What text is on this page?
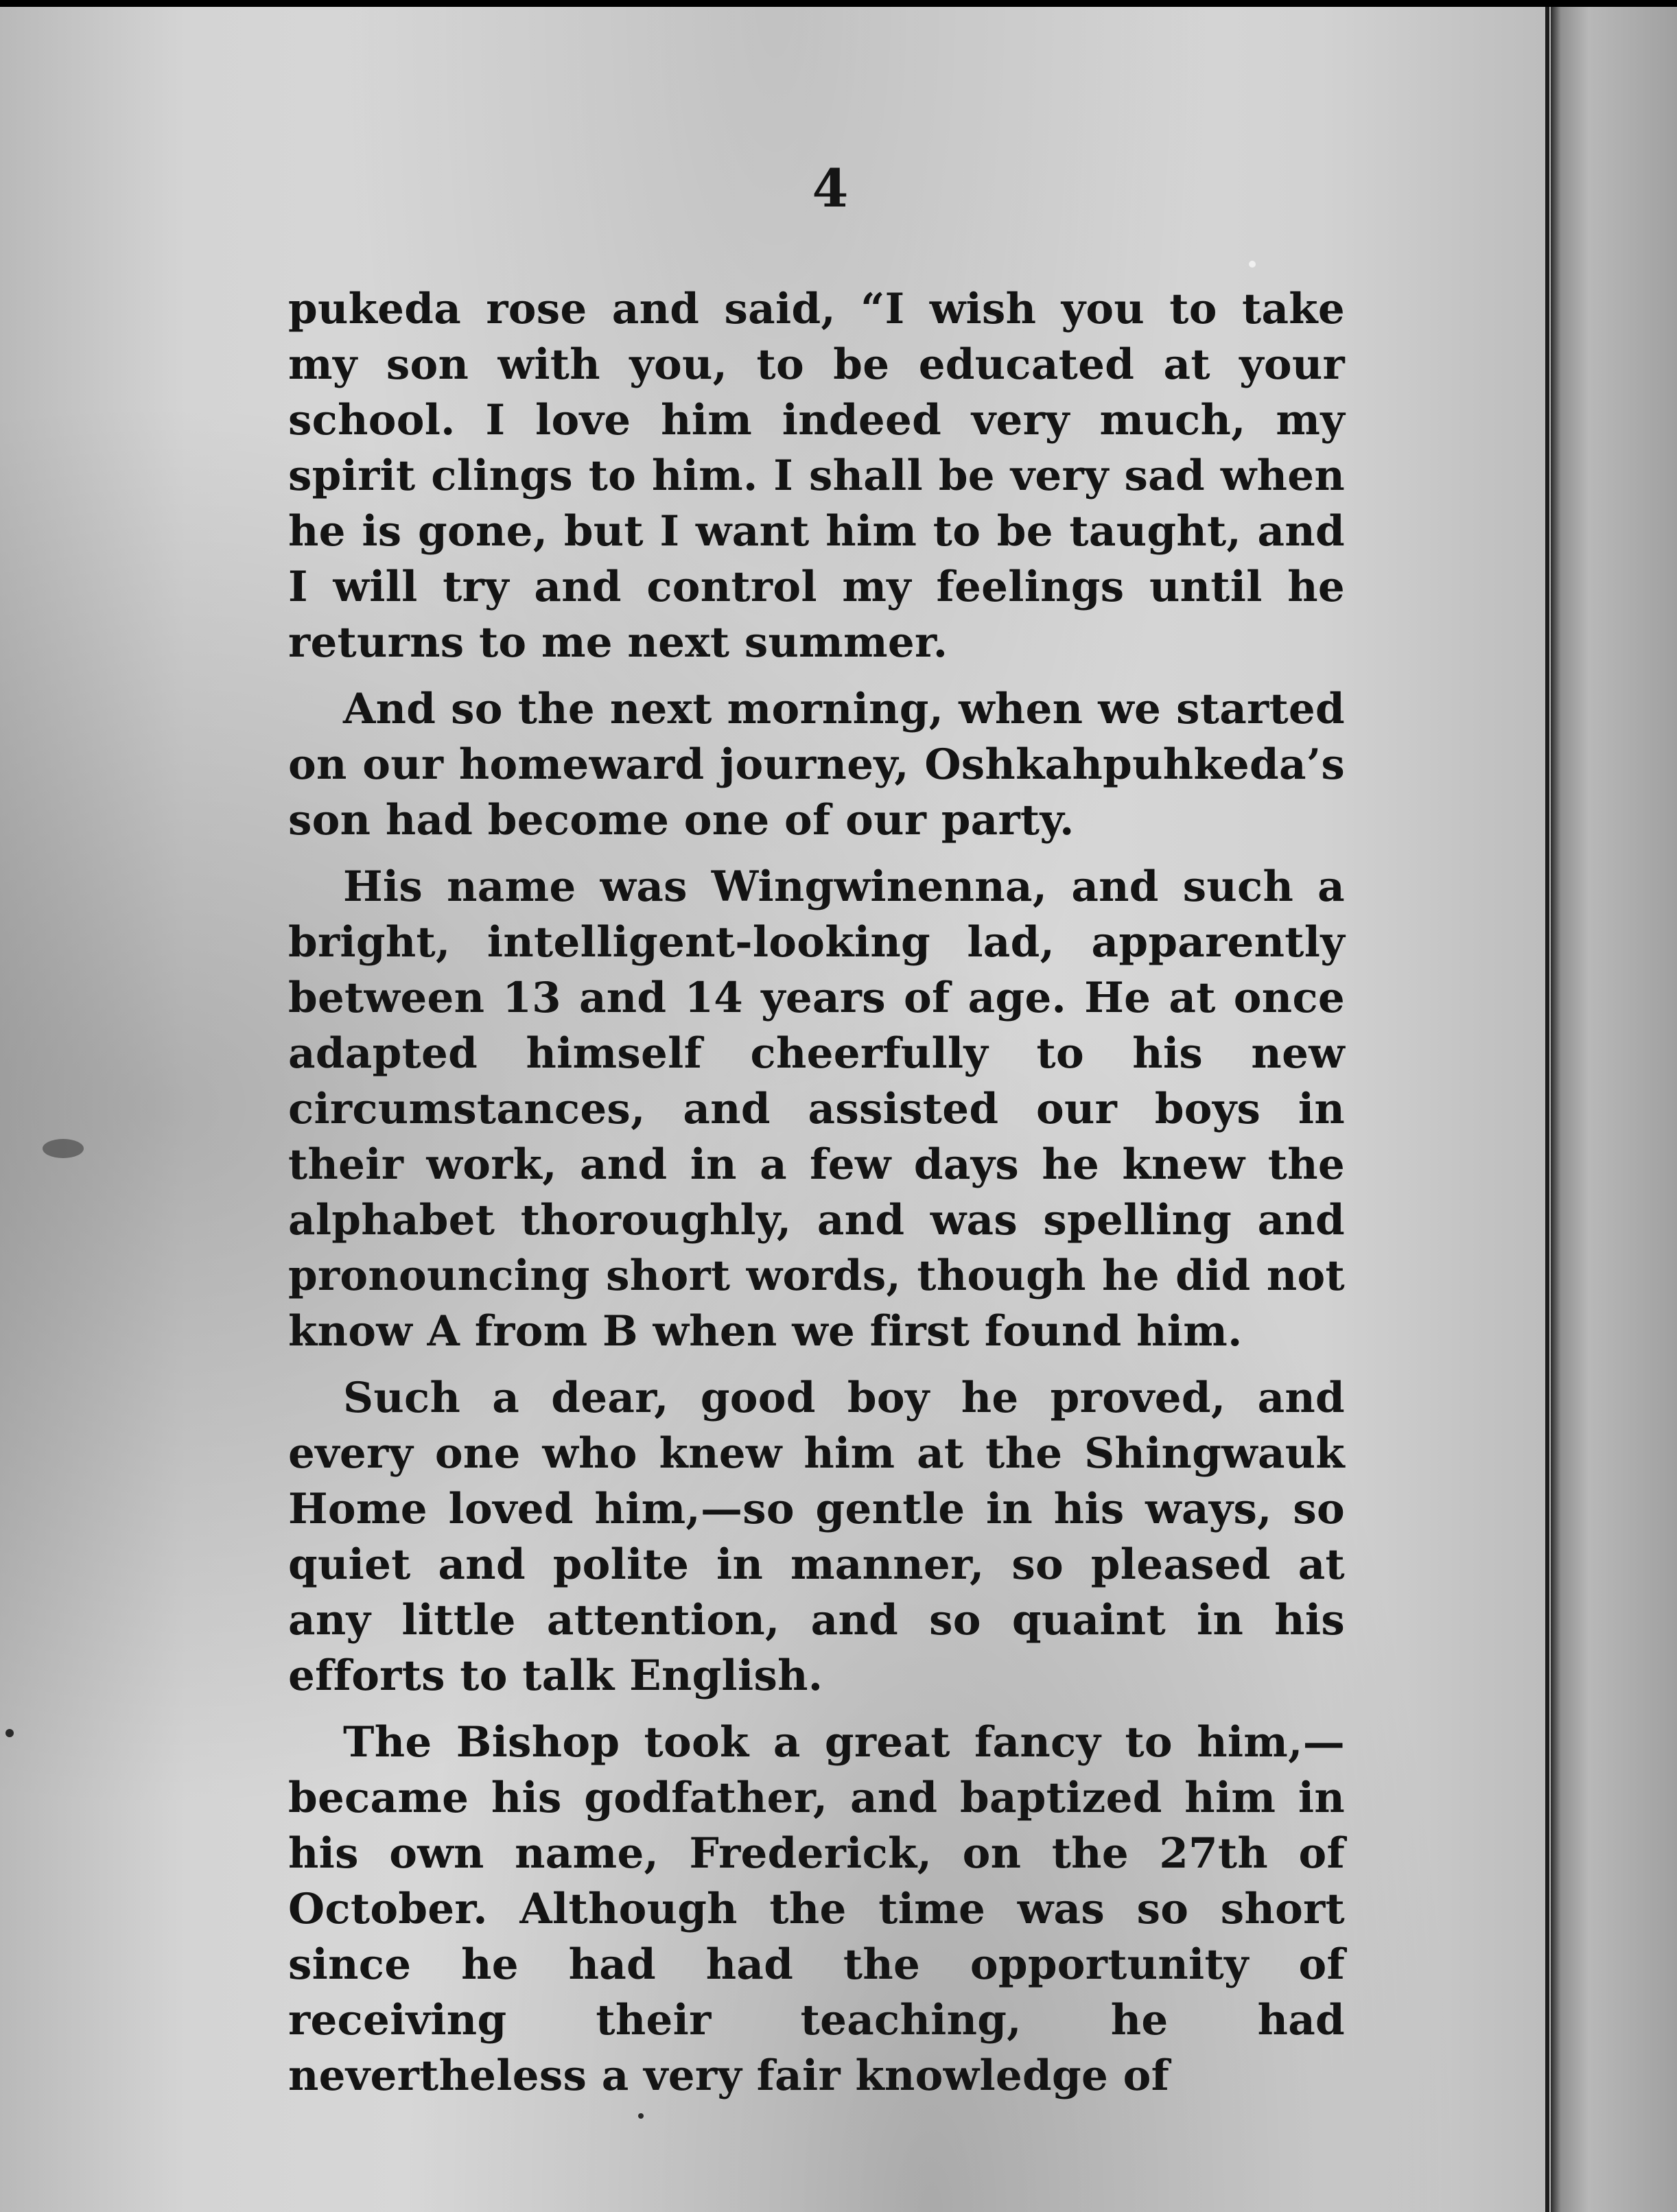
4

pukeda rose and said, “I wish you to take my son with you, to be educated at your school. I love him indeed very much, my spirit clings to him. I shall be very sad when he is gone, but I want him to be taught, and I will try and control my feelings until he returns to me next summer.

And so the next morning, when we started on our homeward journey, Oshkahpuhkeda’s son had become one of our party.

His name was Wingwinenna, and such a bright, intelligent-looking lad, apparently between 13 and 14 years of age. He at once adapted himself cheerfully to his new circumstances, and assisted our boys in their work, and in a few days he knew the alphabet thoroughly, and was spelling and pronouncing short words, though he did not know A from B when we first found him.

Such a dear, good boy he proved, and every one who knew him at the Shingwauk Home loved him,—so gentle in his ways, so quiet and polite in manner, so pleased at any little attention, and so quaint in his efforts to talk English.

The Bishop took a great fancy to him,—became his godfather, and baptized him in his own name, Frederick, on the 27th of October. Although the time was so short since he had had the opportunity of receiving their teaching, he had nevertheless a very fair knowledge of
